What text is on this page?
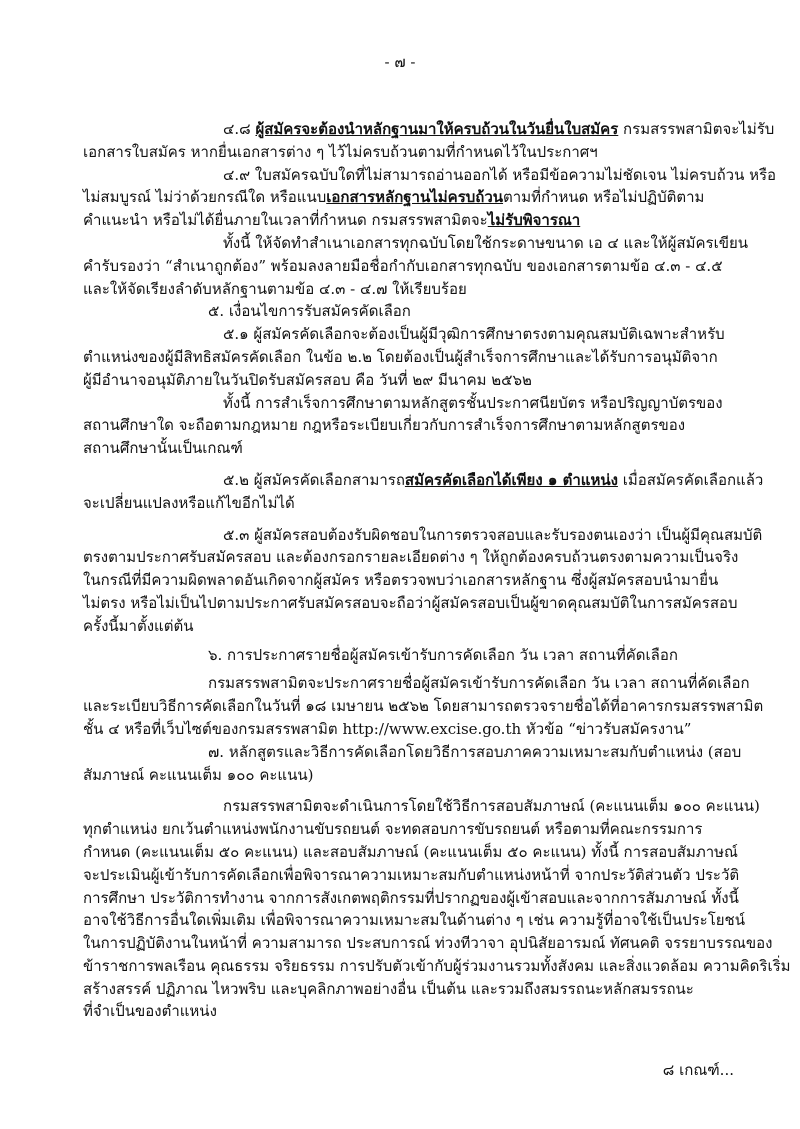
- ๗ -
๔.๘ ผู้สมัครจะต้องนำหลักฐานมาให้ครบถ้วนในวันยื่นใบสมัคร กรมสรรพสามิตจะไม่รับ
เอกสารใบสมัคร หากยื่นเอกสารต่าง ๆ ไว้ไม่ครบถ้วนตามที่กำหนดไว้ในประกาศฯ
๔.๙ ใบสมัครฉบับใดที่ไม่สามารถอ่านออกได้ หรือมีข้อความไม่ชัดเจน ไม่ครบถ้วน หรือ
ไม่สมบูรณ์ ไม่ว่าด้วยกรณีใด หรือแนบเอกสารหลักฐานไม่ครบถ้วนตามที่กำหนด หรือไม่ปฏิบัติตาม
คำแนะนำ หรือไม่ได้ยื่นภายในเวลาที่กำหนด กรมสรรพสามิตจะไม่รับพิจารณา
ทั้งนี้ ให้จัดทำสำเนาเอกสารทุกฉบับโดยใช้กระดาษขนาด เอ ๔ และให้ผู้สมัครเขียน
คำรับรองว่า “สำเนาถูกต้อง” พร้อมลงลายมือชื่อกำกับเอกสารทุกฉบับ ของเอกสารตามข้อ ๔.๓ - ๔.๕
และให้จัดเรียงลำดับหลักฐานตามข้อ ๔.๓ - ๔.๗ ให้เรียบร้อย
๕. เงื่อนไขการรับสมัครคัดเลือก
๕.๑ ผู้สมัครคัดเลือกจะต้องเป็นผู้มีวุฒิการศึกษาตรงตามคุณสมบัติเฉพาะสำหรับ
ตำแหน่งของผู้มีสิทธิสมัครคัดเลือก ในข้อ ๒.๒ โดยต้องเป็นผู้สำเร็จการศึกษาและได้รับการอนุมัติจาก
ผู้มีอำนาจอนุมัติภายในวันปิดรับสมัครสอบ คือ วันที่ ๒๙ มีนาคม ๒๕๖๒
ทั้งนี้ การสำเร็จการศึกษาตามหลักสูตรชั้นประกาศนียบัตร หรือปริญญาบัตรของ
สถานศึกษาใด จะถือตามกฎหมาย กฎหรือระเบียบเกี่ยวกับการสำเร็จการศึกษาตามหลักสูตรของ
สถานศึกษานั้นเป็นเกณฑ์
๕.๒ ผู้สมัครคัดเลือกสามารถสมัครคัดเลือกได้เพียง ๑ ตำแหน่ง เมื่อสมัครคัดเลือกแล้ว
จะเปลี่ยนแปลงหรือแก้ไขอีกไม่ได้
๕.๓ ผู้สมัครสอบต้องรับผิดชอบในการตรวจสอบและรับรองตนเองว่า เป็นผู้มีคุณสมบัติ
ตรงตามประกาศรับสมัครสอบ และต้องกรอกรายละเอียดต่าง ๆ ให้ถูกต้องครบถ้วนตรงตามความเป็นจริง
ในกรณีที่มีความผิดพลาดอันเกิดจากผู้สมัคร หรือตรวจพบว่าเอกสารหลักฐาน ซึ่งผู้สมัครสอบนำมายื่น
ไม่ตรง หรือไม่เป็นไปตามประกาศรับสมัครสอบจะถือว่าผู้สมัครสอบเป็นผู้ขาดคุณสมบัติในการสมัครสอบ
ครั้งนี้มาตั้งแต่ต้น
๖. การประกาศรายชื่อผู้สมัครเข้ารับการคัดเลือก วัน เวลา สถานที่คัดเลือก
กรมสรรพสามิตจะประกาศรายชื่อผู้สมัครเข้ารับการคัดเลือก วัน เวลา สถานที่คัดเลือก
และระเบียบวิธีการคัดเลือกในวันที่ ๑๘ เมษายน ๒๕๖๒ โดยสามารถตรวจรายชื่อได้ที่อาคารกรมสรรพสามิต
ชั้น ๔ หรือที่เว็บไซต์ของกรมสรรพสามิต http://www.excise.go.th หัวข้อ “ข่าวรับสมัครงาน”
๗. หลักสูตรและวิธีการคัดเลือกโดยวิธีการสอบภาคความเหมาะสมกับตำแหน่ง (สอบ
สัมภาษณ์ คะแนนเต็ม ๑๐๐ คะแนน)
กรมสรรพสามิตจะดำเนินการโดยใช้วิธีการสอบสัมภาษณ์ (คะแนนเต็ม ๑๐๐ คะแนน)
ทุกตำแหน่ง ยกเว้นตำแหน่งพนักงานขับรถยนต์ จะทดสอบการขับรถยนต์ หรือตามที่คณะกรรมการ
กำหนด (คะแนนเต็ม ๕๐ คะแนน) และสอบสัมภาษณ์ (คะแนนเต็ม ๕๐ คะแนน) ทั้งนี้ การสอบสัมภาษณ์
จะประเมินผู้เข้ารับการคัดเลือกเพื่อพิจารณาความเหมาะสมกับตำแหน่งหน้าที่ จากประวัติส่วนตัว ประวัติ
การศึกษา ประวัติการทำงาน จากการสังเกตพฤติกรรมที่ปรากฏของผู้เข้าสอบและจากการสัมภาษณ์ ทั้งนี้
อาจใช้วิธีการอื่นใดเพิ่มเติม เพื่อพิจารณาความเหมาะสมในด้านต่าง ๆ เช่น ความรู้ที่อาจใช้เป็นประโยชน์
ในการปฏิบัติงานในหน้าที่ ความสามารถ ประสบการณ์ ท่วงทีวาจา อุปนิสัยอารมณ์ ทัศนคติ จรรยาบรรณของ
ข้าราชการพลเรือน คุณธรรม จริยธรรม การปรับตัวเข้ากับผู้ร่วมงานรวมทั้งสังคม และสิ่งแวดล้อม ความคิดริเริ่ม
สร้างสรรค์ ปฏิภาณ ไหวพริบ และบุคลิกภาพอย่างอื่น เป็นต้น และรวมถึงสมรรถนะหลักสมรรถนะ
ที่จำเป็นของตำแหน่ง
๘ เกณฑ์...
